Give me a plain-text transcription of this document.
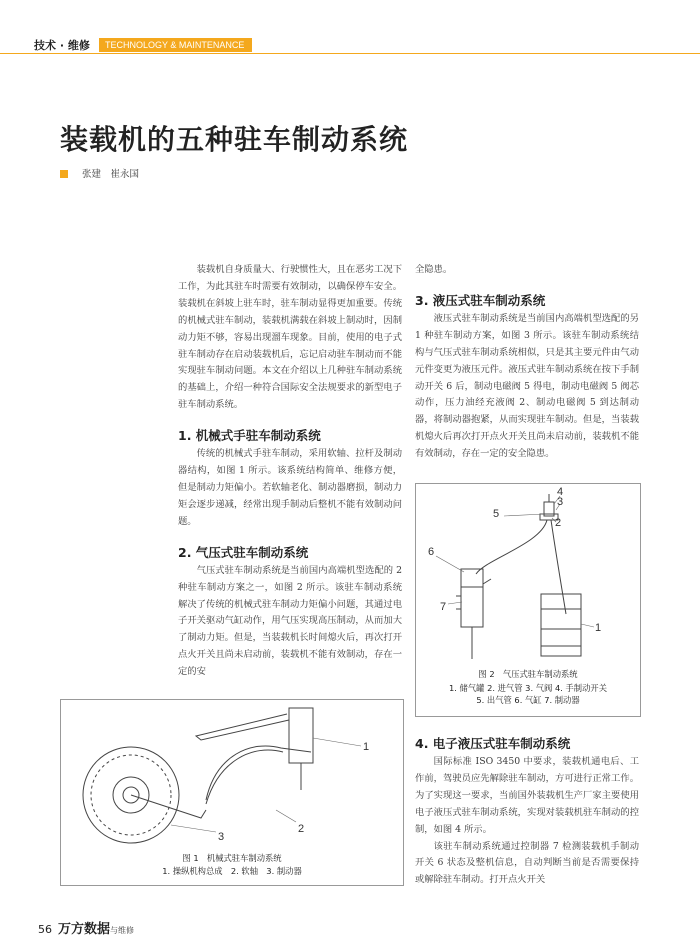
技术 · 维修	TECHNOLOGY & MAINTENANCE
装载机的五种驻车制动系统
张建　崔永国

装载机自身质量大、行驶惯性大，且在恶劣工况下工作，为此其驻车时需要有效制动，以确保停车安全。装载机在斜坡上驻车时，驻车制动显得更加重要。传统的机械式驻车制动，装载机满载在斜坡上制动时，因制动力矩不够，容易出现溜车现象。目前，使用的电子式驻车制动存在启动装载机后，忘记启动驻车制动而不能实现驻车制动问题。本文在介绍以上几种驻车制动系统的基础上，介绍一种符合国际安全法规要求的新型电子驻车制动系统。

1. 机械式手驻车制动系统

传统的机械式手驻车制动，采用软轴、拉杆及制动器结构，如图 1 所示。该系统结构简单、维修方便，但是制动力矩偏小。若软轴老化、制动器磨损，制动力矩会逐步递减，经常出现手制动后整机不能有效制动问题。

2. 气压式驻车制动系统

气压式驻车制动系统是当前国内高端机型选配的 2 种驻车制动方案之一，如图 2 所示。该驻车制动系统解决了传统的机械式驻车制动力矩偏小问题，其通过电子开关驱动气缸动作，用气压实现高压制动，从而加大了制动力矩。但是，当装载机长时间熄火后，再次打开点火开关且尚未启动前，装载机不能有效制动，存在一定的安

全隐患。

3. 液压式驻车制动系统

液压式驻车制动系统是当前国内高端机型选配的另 1 种驻车制动方案，如图 3 所示。该驻车制动系统结构与气压式驻车制动系统相似，只是其主要元件由气动元件变更为液压元件。液压式驻车制动系统在按下手制动开关 6 后，制动电磁阀 5 得电，制动电磁阀 5 阀芯动作，压力油经充液阀 2、制动电磁阀 5 到达制动器，将制动器抱紧，从而实现驻车制动。但是，当装载机熄火后再次打开点火开关且尚未启动前，装载机不能有效制动，存在一定的安全隐患。

4
3
2
5
6
7
1
图 2　气压式驻车制动系统
1. 储气罐 2. 进气管 3. 气阀 4. 手制动开关
5. 出气管 6. 气缸 7. 制动器
4. 电子液压式驻车制动系统

国际标准 ISO 3450 中要求，装载机通电后、工作前，驾驶员应先解除驻车制动，方可进行正常工作。为了实现这一要求，当前国外装载机生产厂家主要使用电子液压式驻车制动系统，实现对装载机驻车制动的控制，如图 4 所示。

该驻车制动系统通过控制器 7 检测装载机手制动开关 6 状态及整机信息，自动判断当前是否需要保持或解除驻车制动。打开点火开关

1
2
3
图 1　机械式驻车制动系统
1. 操纵机构总成　2. 软轴　3. 制动器
56 万方数据与维修
